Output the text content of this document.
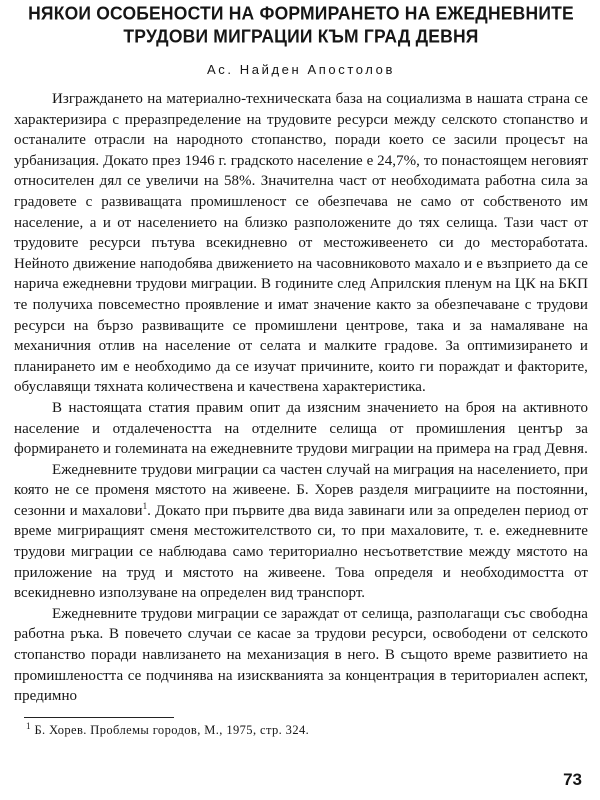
НЯКОИ ОСОБЕНОСТИ НА ФОРМИРАНЕТО НА ЕЖЕДНЕВНИТЕ
ТРУДОВИ МИГРАЦИИ КЪМ ГРАД ДЕВНЯ
Ас. Найден Апостолов

Изграждането на материално-техническата база на социализма в нашата страна се характеризира с преразпределение на трудовите ресурси между селското стопанство и останалите отрасли на народното стопанство, поради което се засили процесът на урбанизация. Докато през 1946 г. градското население е 24,7%, то понастоящем неговият относителен дял се увеличи на 58%. Значителна част от необходимата работна сила за градовете с развиващата промишленост се обезпечава не само от собственото им население, а и от населението на близко разположените до тях селища. Тази част от трудовите ресурси пътува всекидневно от местоживеенето си до месторaботата. Нейното движение наподобява движението на часовниковото махало и е възприето да се нарича ежедневни трудови миграции. В годините след Априлския пленум на ЦК на БКП те получиха повсеместно проявление и имат значение както за обезпечаване с трудови ресурси на бързо развиващите се промишлени центрове, така и за намаляване на механичния отлив на население от селата и малките градове. За оптимизирането и планирането им е необходимо да се изучат причините, които ги пораждат и факторите, обуславящи тяхната количествена и качествена характеристика.

В настоящата статия правим опит да изясним значението на броя на активното население и отдалечеността на отделните селища от промишления център за формирането и големината на ежедневните трудови миграции на примера на град Девня.

Ежедневните трудови миграции са частен случай на миграция на населението, при която не се променя мястото на живеене. Б. Хорев разделя миграциите на постоянни, сезонни и махалови$^1$. Докато при първите два вида завинаги или за определен период от време мигриращият сменя местожителството си, то при махаловите, т. е. ежедневните трудови миграции се наблюдава само териториално несъответствие между мястото на приложение на труд и мястото на живеене. Това определя и необходимостта от всекидневно използуване на определен вид транспорт.

Ежедневните трудови миграции се зараждат от селища, разполагащи със свободна работна ръка. В повечето случаи се касае за трудови ресурси, освободени от селското стопанство поради навлизането на механизация в него. В същото време развитието на промишлеността се подчинява на изискванията за концентрация в териториален аспект, предимно

$^1$ Б. Хорев. Проблемы городов, М., 1975, стр. 324.

73
